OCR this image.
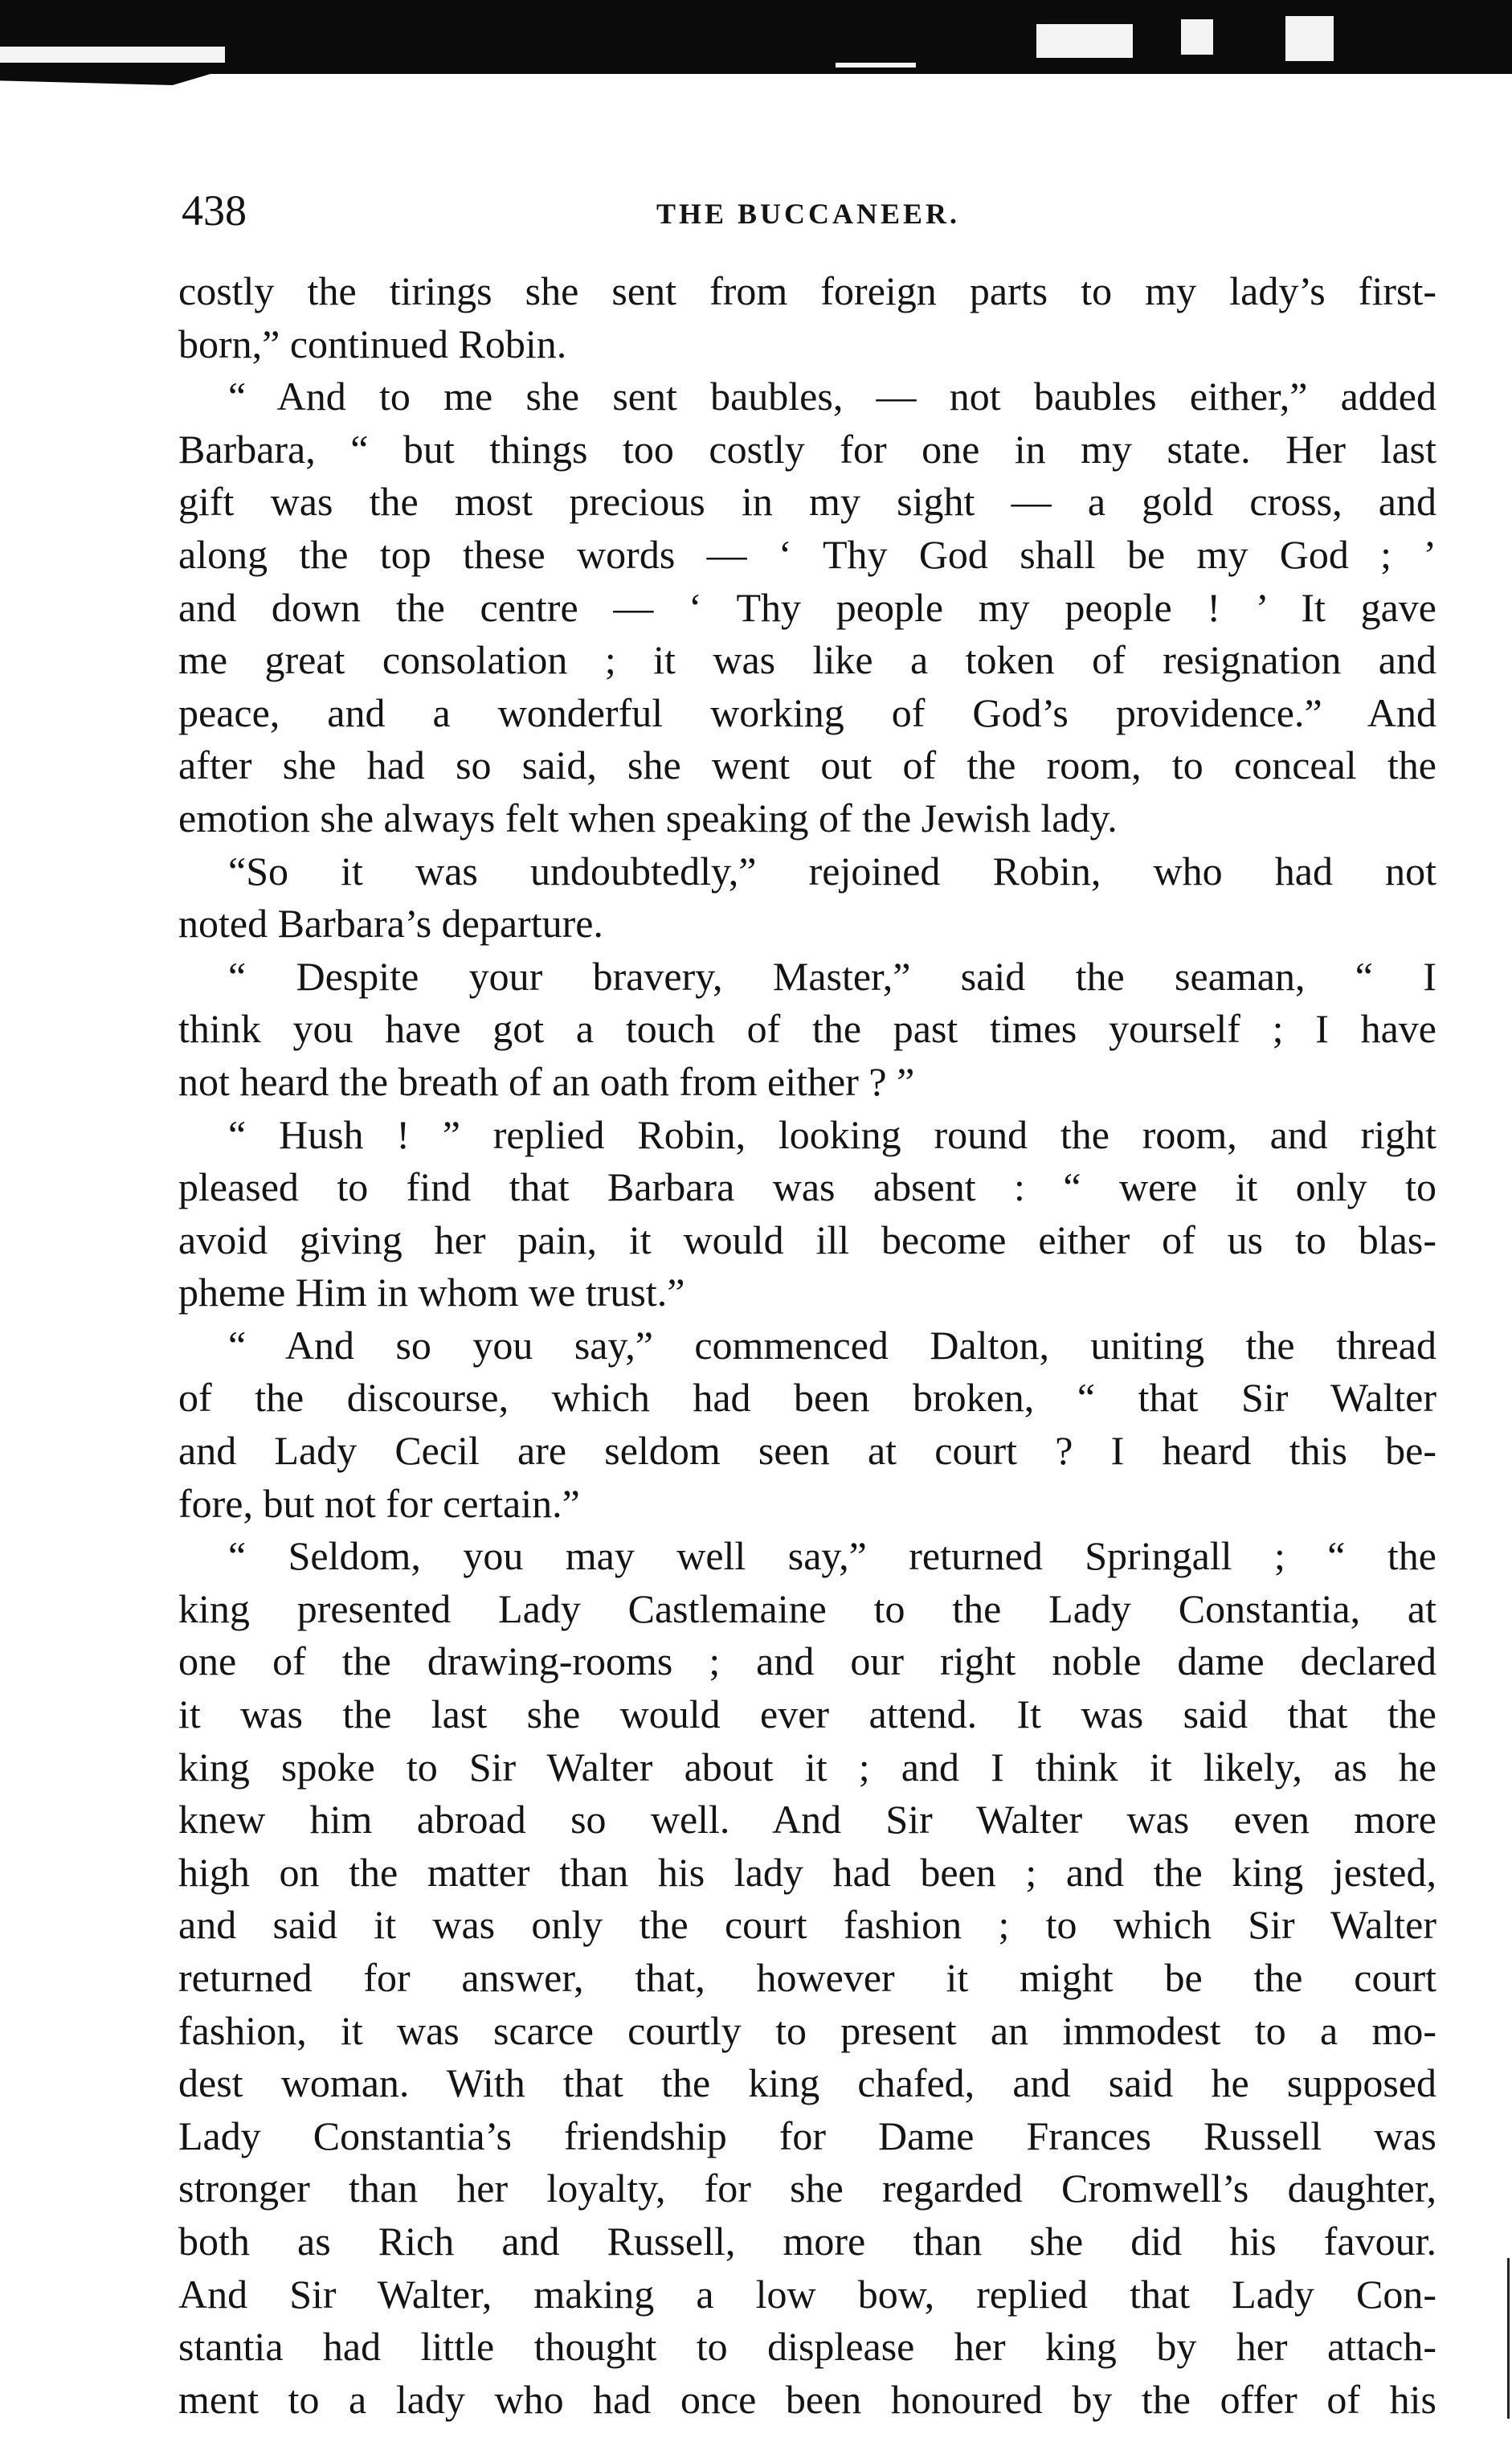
438	THE BUCCANEER.
costly the tirings she sent from foreign parts to my lady’s first-
born,” continued Robin.
“ And to me she sent baubles, — not baubles either,” added
Barbara, “ but things too costly for one in my state. Her last
gift was the most precious in my sight — a gold cross, and
along the top these words — ‘ Thy God shall be my God ; ’
and down the centre — ‘ Thy people my people ! ’ It gave
me great consolation ; it was like a token of resignation and
peace, and a wonderful working of God’s providence.” And
after she had so said, she went out of the room, to conceal the
emotion she always felt when speaking of the Jewish lady.
“So it was undoubtedly,” rejoined Robin, who had not
noted Barbara’s departure.
“ Despite your bravery, Master,” said the seaman, “ I
think you have got a touch of the past times yourself ; I have
not heard the breath of an oath from either ? ”
“ Hush ! ” replied Robin, looking round the room, and right
pleased to find that Barbara was absent : “ were it only to
avoid giving her pain, it would ill become either of us to blas-
pheme Him in whom we trust.”
“ And so you say,” commenced Dalton, uniting the thread
of the discourse, which had been broken, “ that Sir Walter
and Lady Cecil are seldom seen at court ? I heard this be-
fore, but not for certain.”
“ Seldom, you may well say,” returned Springall ; “ the
king presented Lady Castlemaine to the Lady Constantia, at
one of the drawing-rooms ; and our right noble dame declared
it was the last she would ever attend. It was said that the
king spoke to Sir Walter about it ; and I think it likely, as he
knew him abroad so well. And Sir Walter was even more
high on the matter than his lady had been ; and the king jested,
and said it was only the court fashion ; to which Sir Walter
returned for answer, that, however it might be the court
fashion, it was scarce courtly to present an immodest to a mo-
dest woman. With that the king chafed, and said he supposed
Lady Constantia’s friendship for Dame Frances Russell was
stronger than her loyalty, for she regarded Cromwell’s daughter,
both as Rich and Russell, more than she did his favour.
And Sir Walter, making a low bow, replied that Lady Con-
stantia had little thought to displease her king by her attach-
ment to a lady who had once been honoured by the offer of his
